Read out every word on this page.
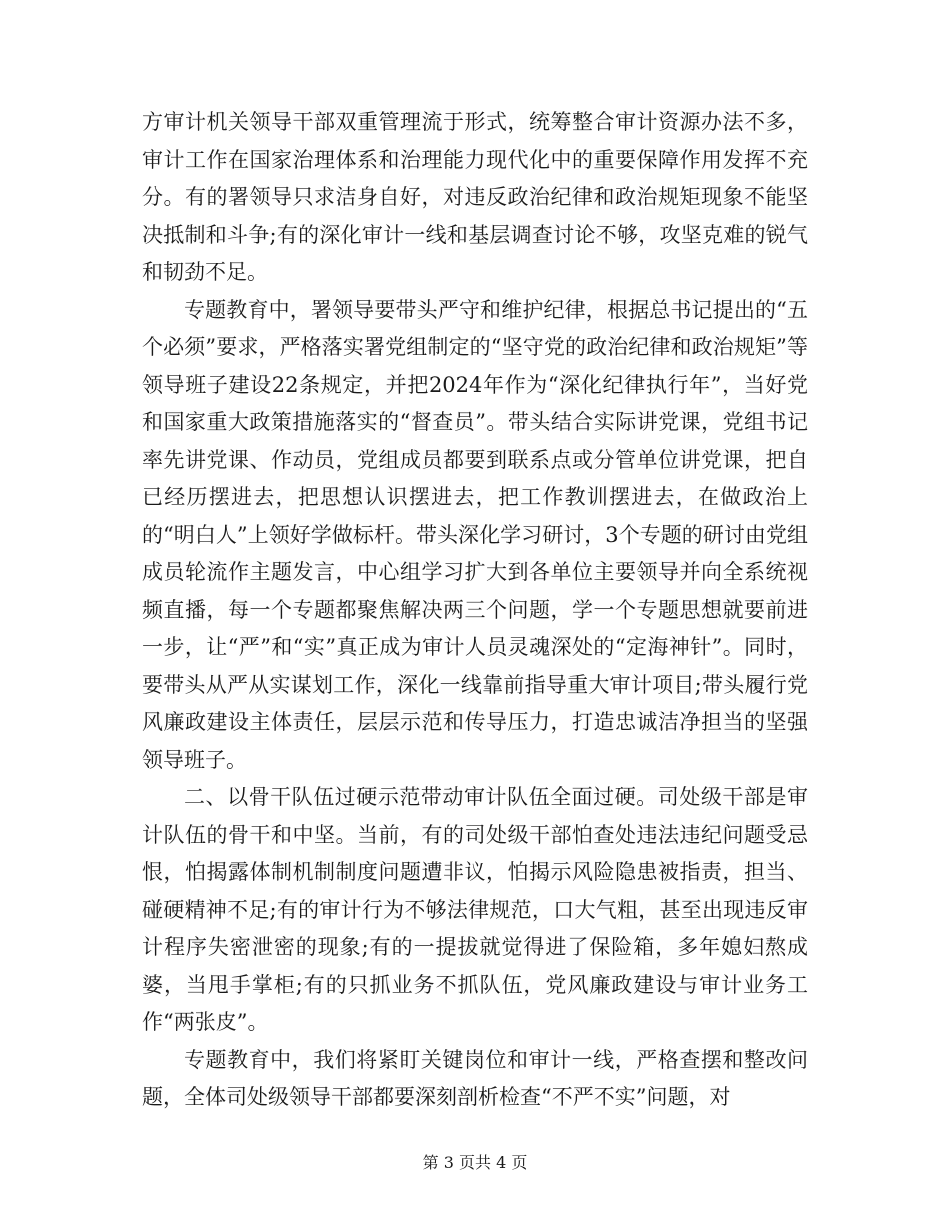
方审计机关领导干部双重管理流于形式，统筹整合审计资源办法不多，审计工作在国家治理体系和治理能力现代化中的重要保障作用发挥不充分。有的署领导只求洁身自好，对违反政治纪律和政治规矩现象不能坚决抵制和斗争;有的深化审计一线和基层调查讨论不够，攻坚克难的锐气和韧劲不足。

专题教育中，署领导要带头严守和维护纪律，根据总书记提出的“五个必须”要求，严格落实署党组制定的“坚守党的政治纪律和政治规矩”等领导班子建设22条规定，并把2024年作为“深化纪律执行年”，当好党和国家重大政策措施落实的“督查员”。带头结合实际讲党课，党组书记率先讲党课、作动员，党组成员都要到联系点或分管单位讲党课，把自已经历摆进去，把思想认识摆进去，把工作教训摆进去，在做政治上的“明白人”上领好学做标杆。带头深化学习研讨，3个专题的研讨由党组成员轮流作主题发言，中心组学习扩大到各单位主要领导并向全系统视频直播，每一个专题都聚焦解决两三个问题，学一个专题思想就要前进一步，让“严”和“实”真正成为审计人员灵魂深处的“定海神针”。同时，要带头从严从实谋划工作，深化一线靠前指导重大审计项目;带头履行党风廉政建设主体责任，层层示范和传导压力，打造忠诚洁净担当的坚强领导班子。

二、以骨干队伍过硬示范带动审计队伍全面过硬。司处级干部是审计队伍的骨干和中坚。当前，有的司处级干部怕查处违法违纪问题受忌恨，怕揭露体制机制制度问题遭非议，怕揭示风险隐患被指责，担当、碰硬精神不足;有的审计行为不够法律规范，口大气粗，甚至出现违反审计程序失密泄密的现象;有的一提拔就觉得进了保险箱，多年媳妇熬成婆，当甩手掌柜;有的只抓业务不抓队伍，党风廉政建设与审计业务工作“两张皮”。

专题教育中，我们将紧盯关键岗位和审计一线，严格查摆和整改问题，全体司处级领导干部都要深刻剖析检查“不严不实”问题，对

第 3 页共 4 页
